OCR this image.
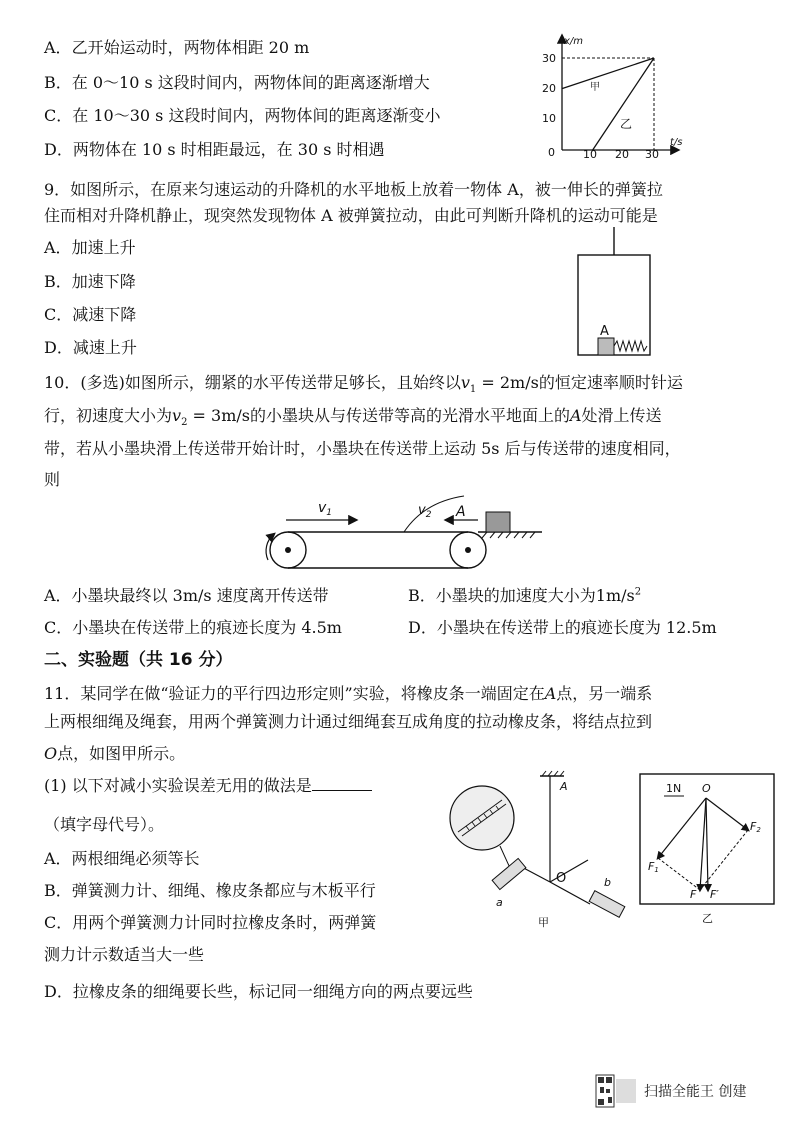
A．乙开始运动时，两物体相距 20 m
B．在 0～10 s 这段时间内，两物体间的距离逐渐增大
C．在 10～30 s 这段时间内，两物体间的距离逐渐变小
D．两物体在 10 s 时相距最远，在 30 s 时相遇
x/m
t/s
30
20
10
0	10 20 30
甲
乙
9．如图所示，在原来匀速运动的升降机的水平地板上放着一物体 A，被一伸长的弹簧拉
住而相对升降机静止，现突然发现物体 A 被弹簧拉动，由此可判断升降机的运动可能是
A．加速上升
B．加速下降
C．减速下降
D．减速上升
A
10．(多选)如图所示，绷紧的水平传送带足够长，且始终以$v_1 = 2m/s$的恒定速率顺时针运
行，初速度大小为$v_2 = 3m/s$的小墨块从与传送带等高的光滑水平地面上的A处滑上传送
带，若从小墨块滑上传送带开始计时，小墨块在传送带上运动 5s 后与传送带的速度相同，
则
$v_1$	$v_2$ A
A．小墨块最终以 3m/s 速度离开传送带	B．小墨块的加速度大小为$1m/s^2$
C．小墨块在传送带上的痕迹长度为 4.5m	D．小墨块在传送带上的痕迹长度为 12.5m
二、实验题（共 16 分）
11．某同学在做“验证力的平行四边形定则”实验，将橡皮条一端固定在A点，另一端系
上两根细绳及绳套，用两个弹簧测力计通过细绳套互成角度的拉动橡皮条，将结点拉到
O点，如图甲所示。
(1) 以下对减小实验误差无用的做法是
（填字母代号）。
A．两根细绳必须等长
B．弹簧测力计、细绳、橡皮条都应与木板平行
C．用两个弹簧测力计同时拉橡皮条时，两弹簧
测力计示数适当大一些
D．拉橡皮条的细绳要长些，标记同一细绳方向的两点要远些
A
O
a
b
甲
1N O
F1
F2
F F′
乙
扫描全能王 创建
